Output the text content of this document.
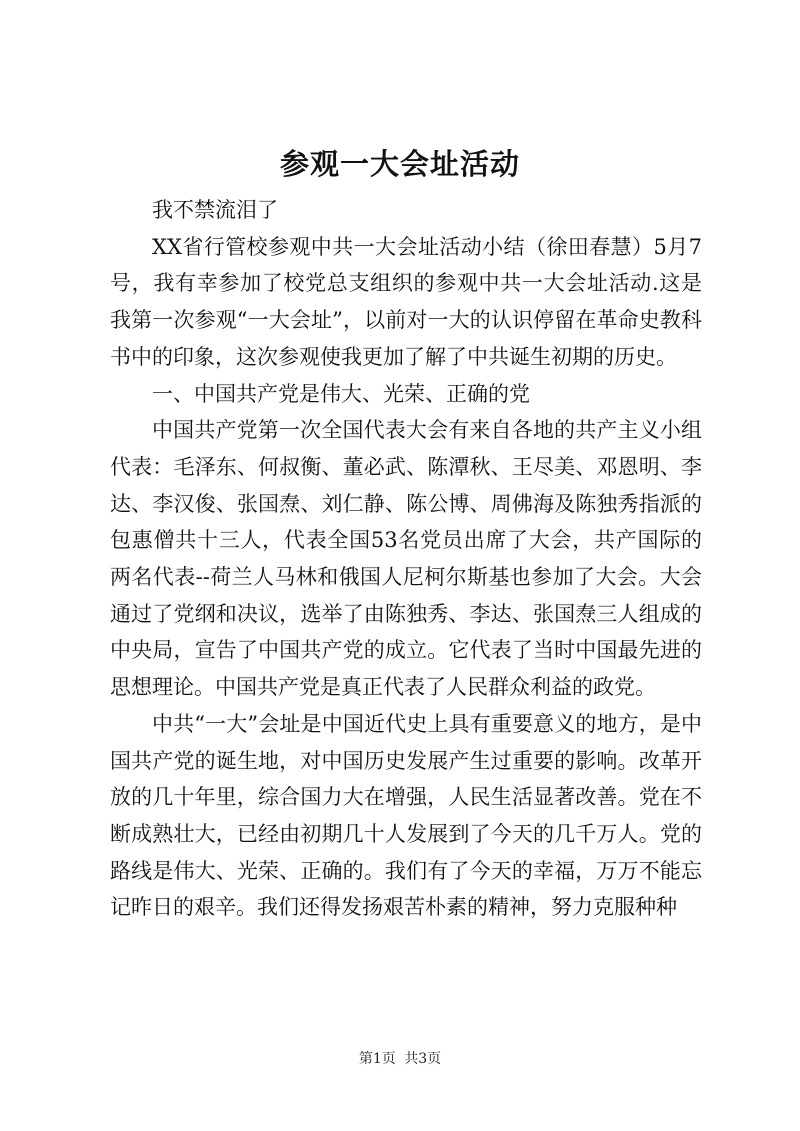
参观一大会址活动

我不禁流泪了

XX省行管校参观中共一大会址活动小结（徐田春慧）5月7号，我有幸参加了校党总支组织的参观中共一大会址活动.这是我第一次参观“一大会址”，以前对一大的认识停留在革命史教科书中的印象，这次参观使我更加了解了中共诞生初期的历史。

一、中国共产党是伟大、光荣、正确的党

中国共产党第一次全国代表大会有来自各地的共产主义小组代表：毛泽东、何叔衡、董必武、陈潭秋、王尽美、邓恩明、李达、李汉俊、张国焘、刘仁静、陈公博、周佛海及陈独秀指派的包惠僧共十三人，代表全国53名党员出席了大会，共产国际的两名代表--荷兰人马林和俄国人尼柯尔斯基也参加了大会。大会通过了党纲和决议，选举了由陈独秀、李达、张国焘三人组成的中央局，宣告了中国共产党的成立。它代表了当时中国最先进的思想理论。中国共产党是真正代表了人民群众利益的政党。

中共“一大”会址是中国近代史上具有重要意义的地方，是中国共产党的诞生地，对中国历史发展产生过重要的影响。改革开放的几十年里，综合国力大在增强，人民生活显著改善。党在不断成熟壮大，已经由初期几十人发展到了今天的几千万人。党的路线是伟大、光荣、正确的。我们有了今天的幸福，万万不能忘记昨日的艰辛。我们还得发扬艰苦朴素的精神，努力克服种种

第1页 共3页
